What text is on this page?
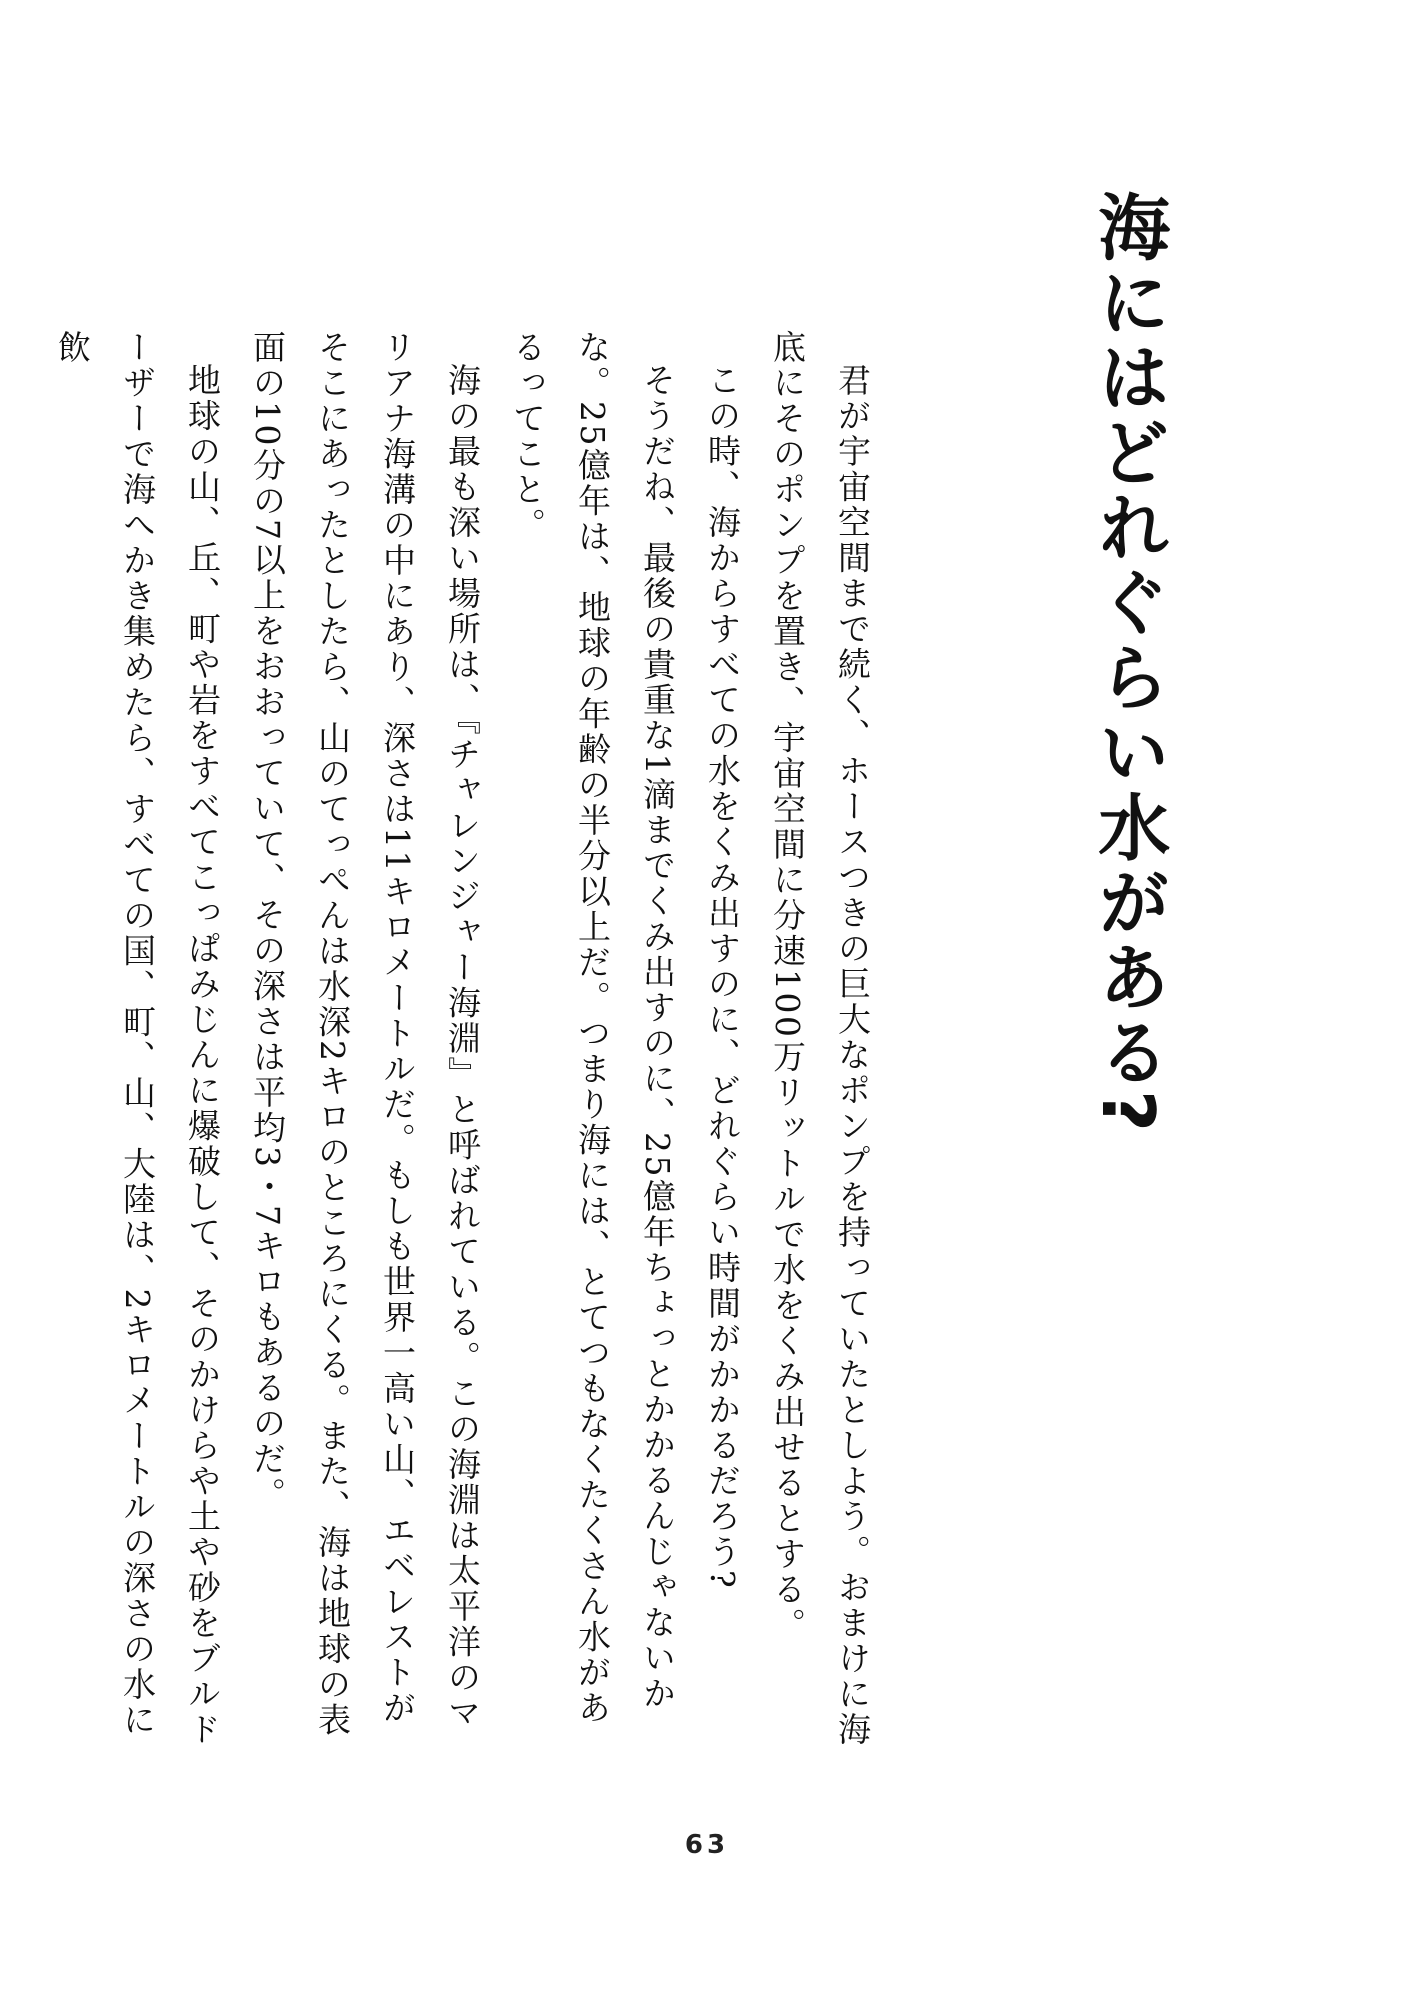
海にはどれぐらい水がある?

君が宇宙空間まで続く、ホースつきの巨大なポンプを持っていたとしよう。おまけに海底にそのポンプを置き、宇宙空間に分速100万リットルで水をくみ出せるとする。

この時、海からすべての水をくみ出すのに、どれぐらい時間がかかるだろう?

そうだね、最後の貴重な1滴までくみ出すのに、25億年ちょっとかかるんじゃないかな。25億年は、地球の年齢の半分以上だ。つまり海には、とてつもなくたくさん水があるってこと。

海の最も深い場所は、『チャレンジャー海淵』と呼ばれている。この海淵は太平洋のマリアナ海溝の中にあり、深さは11キロメートルだ。もしも世界一高い山、エベレストがそこにあったとしたら、山のてっぺんは水深2キロのところにくる。また、海は地球の表面の10分の7以上をおおっていて、その深さは平均3・7キロもあるのだ。

地球の山、丘、町や岩をすべてこっぱみじんに爆破して、そのかけらや土や砂をブルドーザーで海へかき集めたら、すべての国、町、山、大陸は、2キロメートルの深さの水に飲

63
